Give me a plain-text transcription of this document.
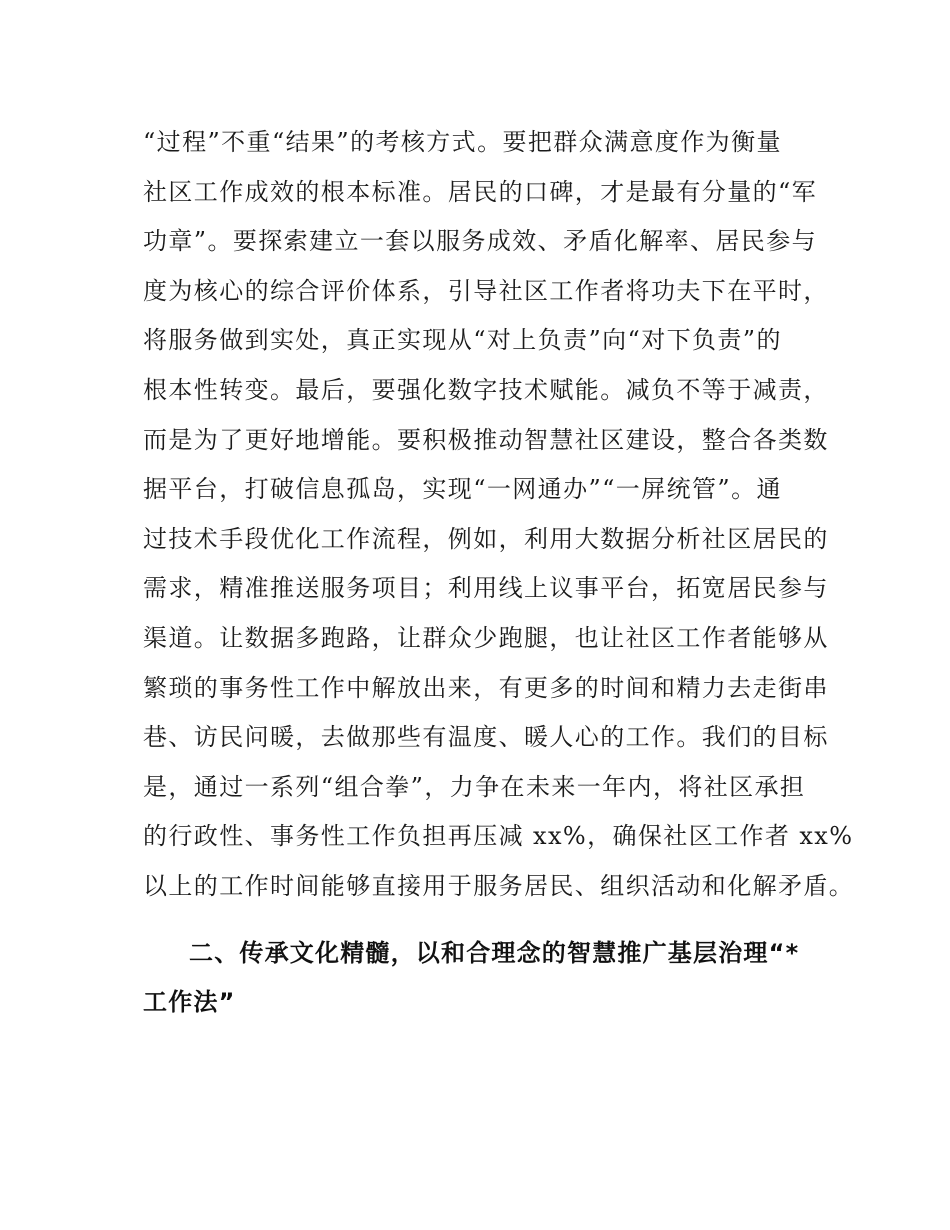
“过程”不重“结果”的考核方式。要把群众满意度作为衡量
社区工作成效的根本标准。居民的口碑，才是最有分量的“军
功章”。要探索建立一套以服务成效、矛盾化解率、居民参与
度为核心的综合评价体系，引导社区工作者将功夫下在平时，
将服务做到实处，真正实现从“对上负责”向“对下负责”的
根本性转变。最后，要强化数字技术赋能。减负不等于减责，
而是为了更好地增能。要积极推动智慧社区建设，整合各类数
据平台，打破信息孤岛，实现“一网通办”“一屏统管”。通
过技术手段优化工作流程，例如，利用大数据分析社区居民的
需求，精准推送服务项目；利用线上议事平台，拓宽居民参与
渠道。让数据多跑路，让群众少跑腿，也让社区工作者能够从
繁琐的事务性工作中解放出来，有更多的时间和精力去走街串
巷、访民问暖，去做那些有温度、暖人心的工作。我们的目标
是，通过一系列“组合拳”，力争在未来一年内，将社区承担
的行政性、事务性工作负担再压减 xx%，确保社区工作者 xx%
以上的工作时间能够直接用于服务居民、组织活动和化解矛盾。
二、传承文化精髓，以和合理念的智慧推广基层治理“*
工作法”
